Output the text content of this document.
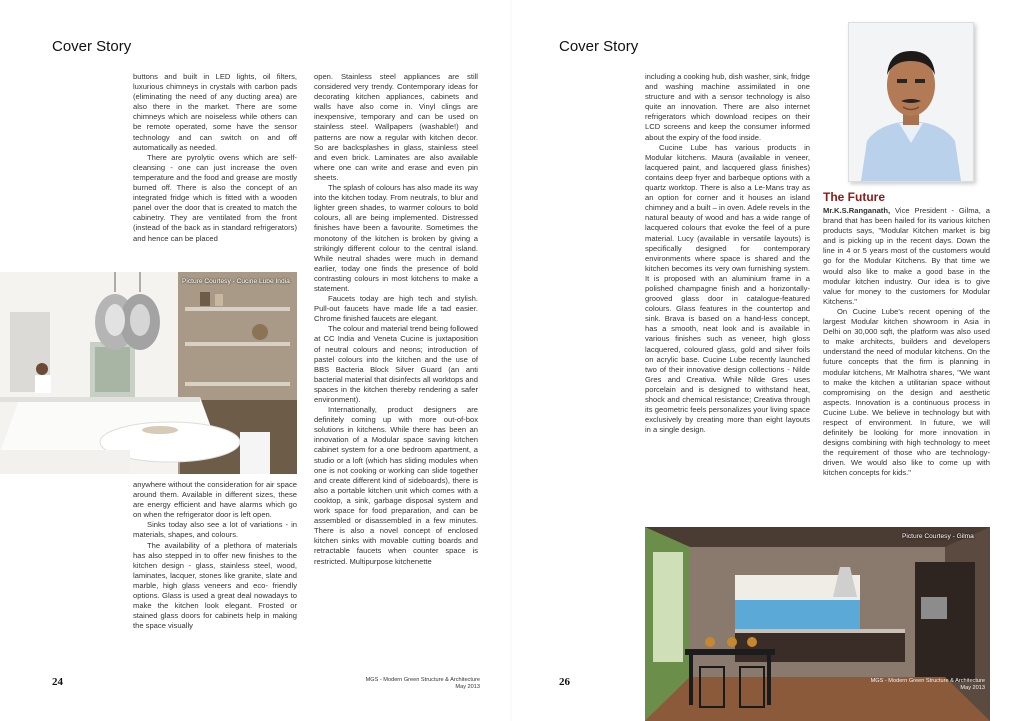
Cover Story

buttons and built in LED lights, oil filters, luxurious chimneys in crystals with carbon pads (eliminating the need of any ducting area) are also there in the market. There are some chimneys which are noiseless while others can be remote operated, some have the sensor technology and can switch on and off automatically as needed.

There are pyrolytic ovens which are self-cleansing - one can just increase the oven temperature and the food and grease are mostly burned off. There is also the concept of an integrated fridge which is fitted with a wooden panel over the door that is created to match the cabinetry. They are ventilated from the front (instead of the back as in standard refrigerators) and hence can be placed

Picture Courtesy - Cucine Lube India

anywhere without the consideration for air space around them. Available in different sizes, these are energy efficient and have alarms which go on when the refrigerator door is left open.

Sinks today also see a lot of variations - in materials, shapes, and colours.

The availability of a plethora of materials has also stepped in to offer new finishes to the kitchen design - glass, stainless steel, wood, laminates, lacquer, stones like granite, slate and marble, high glass veneers and eco- friendly options. Glass is used a great deal nowadays to make the kitchen look elegant. Frosted or stained glass doors for cabinets help in making the space visually

open. Stainless steel appliances are still considered very trendy. Contemporary ideas for decorating kitchen appliances, cabinets and walls have also come in. Vinyl clings are inexpensive, temporary and can be used on stainless steel. Wallpapers (washable!) and patterns are now a regular with kitchen decor. So are backsplashes in glass, stainless steel and even brick. Laminates are also available where one can write and erase and even pin sheets.

The splash of colours has also made its way into the kitchen today. From neutrals, to blur and lighter green shades, to warmer colours to bold colours, all are being implemented. Distressed finishes have been a favourite. Sometimes the monotony of the kitchen is broken by giving a strikingly different colour to the central island. While neutral shades were much in demand earlier, today one finds the presence of bold contrasting colours in most kitchens to make a statement.

Faucets today are high tech and stylish. Pull-out faucets have made life a tad easier. Chrome finished faucets are elegant.

The colour and material trend being followed at CC India and Veneta Cucine is juxtaposition of neutral colours and neons; introduction of pastel colours into the kitchen and the use of BBS Bacteria Block Silver Guard (an anti bacterial material that disinfects all worktops and spaces in the kitchen thereby rendering a safer environment).

Internationally, product designers are definitely coming up with more out-of-box solutions in kitchens. While there has been an innovation of a Modular space saving kitchen cabinet system for a one bedroom apartment, a studio or a loft (which has sliding modules when one is not cooking or working can slide together and create different kind of sideboards), there is also a portable kitchen unit which comes with a cooktop, a sink, garbage disposal system and work space for food preparation, and can be assembled or disassembled in a few minutes. There is also a novel concept of enclosed kitchen sinks with movable cutting boards and retractable faucets when counter space is restricted. Multipurpose kitchenette

24	MGS - Modern Green Structure & Architecture
May 2013
Cover Story

including a cooking hub, dish washer, sink, fridge and washing machine assimilated in one structure and with a sensor technology is also quite an innovation. There are also internet refrigerators which download recipes on their LCD screens and keep the consumer informed about the expiry of the food inside.

Cucine Lube has various products in Modular kitchens. Maura (available in veneer, lacquered paint, and lacquered glass finishes) contains deep fryer and barbeque options with a quartz worktop. There is also a Le-Mans tray as an option for corner and it houses an island chimney and a built – in oven. Adele revels in the natural beauty of wood and has a wide range of lacquered colours that evoke the feel of a pure material. Lucy (available in versatile layouts) is specifically designed for contemporary environments where space is shared and the kitchen becomes its very own furnishing system. It is proposed with an aluminium frame in a polished champagne finish and a horizontally-grooved glass door in catalogue-featured colours. Glass features in the countertop and sink. Brava is based on a hand-less concept, has a smooth, neat look and is available in various finishes such as veneer, high gloss lacquered, coloured glass, gold and silver foils on acrylic base. Cucine Lube recently launched two of their innovative design collections - Nilde Gres and Creativa. While Nilde Gres uses porcelain and is designed to withstand heat, shock and chemical resistance; Creativa through its geometric feels personalizes your living space exclusively by creating more than eight layouts in a single design.

The Future

Mr.K.S.Ranganath, Vice President - Gilma, a brand that has been hailed for its various kitchen products says, "Modular Kitchen market is big and is picking up in the recent days. Down the line in 4 or 5 years most of the customers would go for the Modular Kitchens. By that time we would also like to make a good base in the modular kitchen industry. Our idea is to give value for money to the customers for Modular Kitchens."

On Cucine Lube's recent opening of the largest Modular kitchen showroom in Asia in Delhi on 30,000 sqft, the platform was also used to make architects, builders and developers understand the need of modular kitchens. On the future concepts that the firm is planning in modular kitchens, Mr Malhotra shares, "We want to make the kitchen a utilitarian space without compromising on the design and aesthetic aspects. Innovation is a continuous process in Cucine Lube. We believe in technology but with respect of environment. In future, we will definitely be looking for more innovation in designs combining with high technology to meet the requirement of those who are technology-driven. We would also like to come up with kitchen concepts for kids."

Picture Courtesy - Gilma
MGS - Modern Green Structure & Architecture
May 2013
26
